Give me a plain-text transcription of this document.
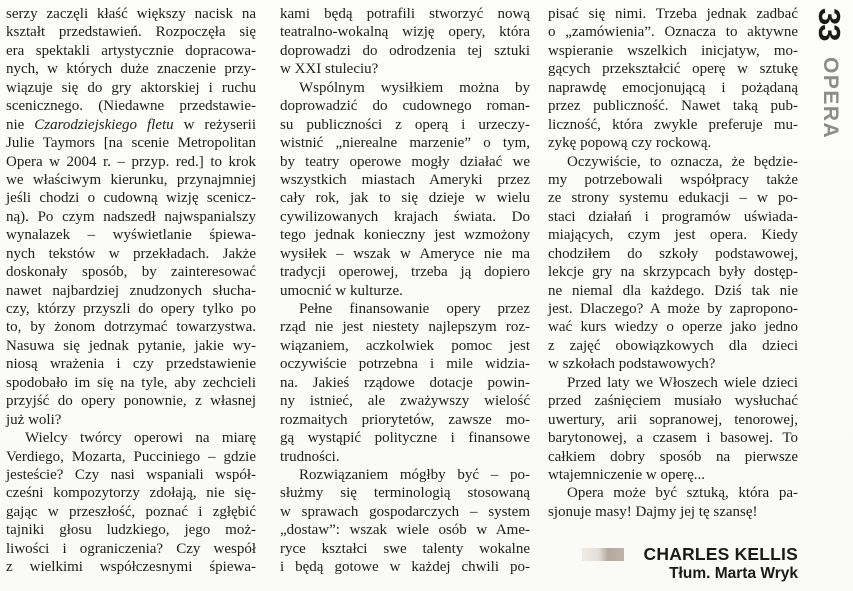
serzy zaczęli kłaść większy nacisk na
kształt przedstawień. Rozpoczęła się
era spektakli artystycznie dopracowa-
nych, w których duże znaczenie przy-
wiązuje się do gry aktorskiej i ruchu
scenicznego. (Niedawne przedstawie-
nie Czarodziejskiego fletu w reżyserii
Julie Taymors [na scenie Metropolitan
Opera w 2004 r. – przyp. red.] to krok
we właściwym kierunku, przynajmniej
jeśli chodzi o cudowną wizję scenicz-
ną). Po czym nadszedł najwspanialszy
wynalazek – wyświetlanie śpiewa-
nych tekstów w przekładach. Jakże
doskonały sposób, by zainteresować
nawet najbardziej znudzonych słucha-
czy, którzy przyszli do opery tylko po
to, by żonom dotrzymać towarzystwa.
Nasuwa się jednak pytanie, jakie wy-
niosą wrażenia i czy przedstawienie
spodobało im się na tyle, aby zechcieli
przyjść do opery ponownie, z własnej
już woli?
Wielcy twórcy operowi na miarę
Verdiego, Mozarta, Pucciniego – gdzie
jesteście? Czy nasi wspaniali współ-
cześni kompozytorzy zdołają, nie się-
gając w przeszłość, poznać i zgłębić
tajniki głosu ludzkiego, jego moż-
liwości i ograniczenia? Czy wespół
z wielkimi współczesnymi śpiewa-
kami będą potrafili stworzyć nową
teatralno-wokalną wizję opery, która
doprowadzi do odrodzenia tej sztuki
w XXI stuleciu?
Wspólnym wysiłkiem można by
doprowadzić do cudownego roman-
su publiczności z operą i urzeczy-
wistnić „nierealne marzenie” o tym,
by teatry operowe mogły działać we
wszystkich miastach Ameryki przez
cały rok, jak to się dzieje w wielu
cywilizowanych krajach świata. Do
tego jednak konieczny jest wzmożony
wysiłek – wszak w Ameryce nie ma
tradycji operowej, trzeba ją dopiero
umocnić w kulturze.
Pełne finansowanie opery przez
rząd nie jest niestety najlepszym roz-
wiązaniem, aczkolwiek pomoc jest
oczywiście potrzebna i mile widzia-
na. Jakieś rządowe dotacje powin-
ny istnieć, ale zważywszy wielość
rozmaitych priorytetów, zawsze mo-
gą wystąpić polityczne i finansowe
trudności.
Rozwiązaniem mógłby być – po-
służmy się terminologią stosowaną
w sprawach gospodarczych – system
„dostaw”: wszak wiele osób w Ame-
ryce kształci swe talenty wokalne
i będą gotowe w każdej chwili po-
pisać się nimi. Trzeba jednak zadbać
o „zamówienia”. Oznacza to aktywne
wspieranie wszelkich inicjatyw, mo-
gących przekształcić operę w sztukę
naprawdę emocjonującą i pożądaną
przez publiczność. Nawet taką pub-
liczność, która zwykle preferuje mu-
zykę popową czy rockową.
Oczywiście, to oznacza, że będzie-
my potrzebowali współpracy także
ze strony systemu edukacji – w po-
staci działań i programów uświada-
miających, czym jest opera. Kiedy
chodziłem do szkoły podstawowej,
lekcje gry na skrzypcach były dostęp-
ne niemal dla każdego. Dziś tak nie
jest. Dlaczego? A może by zapropono-
wać kurs wiedzy o operze jako jedno
z zajęć obowiązkowych dla dzieci
w szkołach podstawowych?
Przed laty we Włoszech wiele dzieci
przed zaśnięciem musiało wysłuchać
uwertury, arii sopranowej, tenorowej,
barytonowej, a czasem i basowej. To
całkiem dobry sposób na pierwsze
wtajemniczenie w operę...
Opera może być sztuką, która pa-
sjonuje masy! Dajmy jej tę szansę!
CHARLES KELLIS
Tłum. Marta Wryk
33
OPERA
